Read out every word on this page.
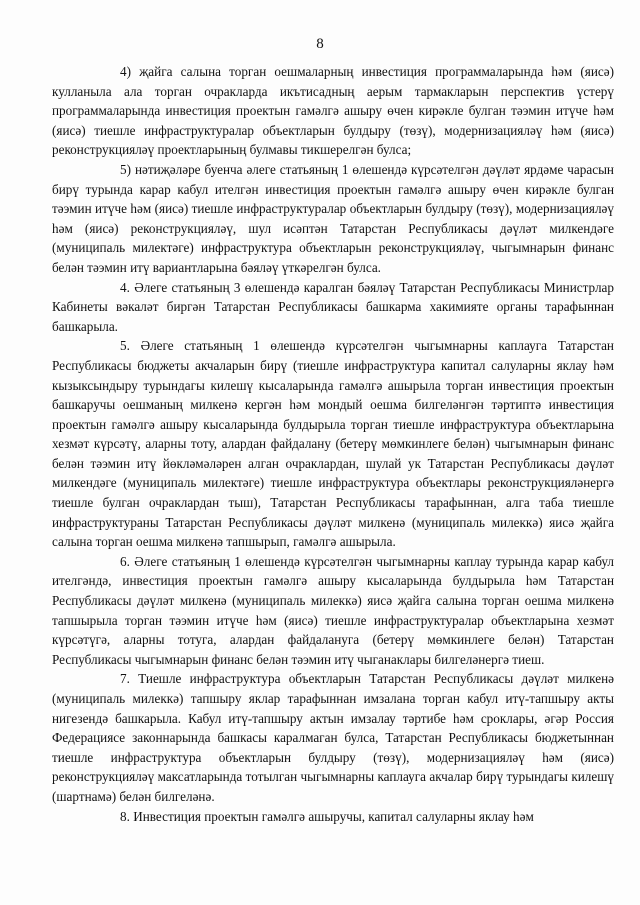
8

4) җайга салына торган оешмаларның инвестиция программаларында һәм (яисә) кулланыла ала торган очракларда икътисадның аерым тармакларын перспектив үстерү программаларында инвестиция проектын гамәлгә ашыру өчен кирәкле булган тәэмин итүче һәм (яисә) тиешле инфраструктуралар объектларын булдыру (төзү), модернизацияләү һәм (яисә) реконструкцияләү проектларының булмавы тикшерелгән булса;

5) нәтиҗәләре буенча әлеге статьяның 1 өлешендә күрсәтелгән дәүләт ярдәме чарасын бирү турында карар кабул ителгән инвестиция проектын гамәлгә ашыру өчен кирәкле булган тәэмин итүче һәм (яисә) тиешле инфраструктуралар объектларын булдыру (төзү), модернизацияләү һәм (яисә) реконструкцияләү, шул исәптән Татарстан Республикасы дәүләт милкендәге (муниципаль милектәге) инфраструктура объектларын реконструкцияләү, чыгымнарын финанс белән тәэмин итү вариантларына бәяләү үткәрелгән булса.

4. Әлеге статьяның 3 өлешендә каралган бәяләү Татарстан Республикасы Министрлар Кабинеты вәкаләт биргән Татарстан Республикасы башкарма хакимияте органы тарафыннан башкарыла.

5. Әлеге статьяның 1 өлешендә күрсәтелгән чыгымнарны каплауга Татарстан Республикасы бюджеты акчаларын бирү (тиешле инфраструктура капитал салуларны яклау һәм кызыксындыру турындагы килешү кысаларында гамәлгә ашырыла торган инвестиция проектын башкаручы оешманың милкенә кергән һәм мондый оешма билгеләнгән тәртиптә инвестиция проектын гамәлгә ашыру кысаларында булдырыла торган тиешле инфраструктура объектларына хезмәт күрсәтү, аларны тоту, алардан файдалану (бетерү мөмкинлеге белән) чыгымнарын финанс белән тәэмин итү йөкләмәләрен алган очраклардан, шулай ук Татарстан Республикасы дәүләт милкендәге (муниципаль милектәге) тиешле инфраструктура объектлары реконструкцияләнергә тиешле булган очраклардан тыш), Татарстан Республикасы тарафыннан, алга таба тиешле инфраструктураны Татарстан Республикасы дәүләт милкенә (муниципаль милеккә) яисә җайга салына торган оешма милкенә тапшырып, гамәлгә ашырыла.

6. Әлеге статьяның 1 өлешендә күрсәтелгән чыгымнарны каплау турында карар кабул ителгәндә, инвестиция проектын гамәлгә ашыру кысаларында булдырыла һәм Татарстан Республикасы дәүләт милкенә (муниципаль милеккә) яисә җайга салына торган оешма милкенә тапшырыла торган тәэмин итүче һәм (яисә) тиешле инфраструктуралар объектларына хезмәт күрсәтүгә, аларны тотуга, алардан файдалануга (бетерү мөмкинлеге белән) Татарстан Республикасы чыгымнарын финанс белән тәэмин итү чыганаклары билгеләнергә тиеш.

7. Тиешле инфраструктура объектларын Татарстан Республикасы дәүләт милкенә (муниципаль милеккә) тапшыру яклар тарафыннан имзалана торган кабул итү-тапшыру акты нигезендә башкарыла. Кабул итү-тапшыру актын имзалау тәртибе һәм сроклары, әгәр Россия Федерациясе законнарында башкасы каралмаган булса, Татарстан Республикасы бюджетыннан тиешле инфраструктура объектларын булдыру (төзү), модернизацияләү һәм (яисә) реконструкцияләү максатларында тотылган чыгымнарны каплауга акчалар бирү турындагы килешү (шартнамә) белән билгеләнә.

8. Инвестиция проектын гамәлгә ашыручы, капитал салуларны яклау һәм
